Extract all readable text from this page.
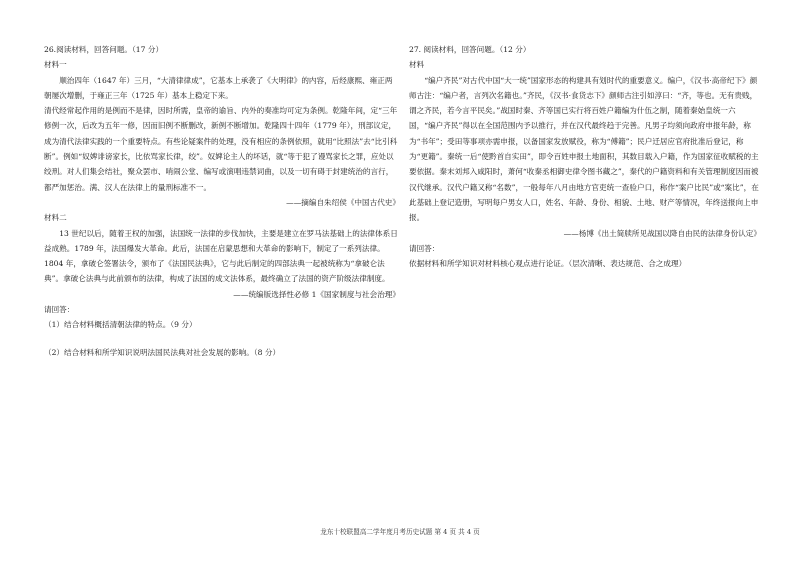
26.阅读材料，回答问题。（17 分）

材料一

顺治四年（1647 年）三月，“大清律律成”，它基本上承袭了《大明律》的内容，后经康熙、雍正两朝屡次增删，于雍正三年（1725 年）基本上稳定下来。

清代经常起作用的是例而不是律，因时所需，皇帝的谕旨、内外的奏准均可定为条例。乾隆年间，定“三年修例一次，后改为五年一修，因而旧例不断删改，新例不断增加。乾隆四十四年（1779 年），刑部议定，成为清代法律实践的一个重要特点。有些论疑案件的处理，没有相应的条例依照，就用“比照法”去“比引科断”。例如“奴婢诽谤家长，比依骂家长律，绞”。奴婢论主人的坏话，就“等于犯了谩骂家长之罪，应处以绞刑。对人们集会结社，聚众罢市、哨闹公堂、编写或演唱违禁词曲，以及一切有碍于封建统治的言行，都严加惩治。满、汉人在法律上的量刑标准不一。

——摘编自朱绍侯《中国古代史》

材料二

13 世纪以后，随着王权的加强，法国统一法律的步伐加快，主要是建立在罗马法基础上的法律体系日益成熟。1789 年，法国爆发大革命。此后，法国在启蒙思想和大革命的影响下，制定了一系列法律。1804 年，拿破仑签署法令，颁布了《法国民法典》，它与此后制定的四部法典一起被统称为“拿破仑法典”。拿破仑法典与此前颁布的法律，构成了法国的成文法体系，最终确立了法国的资产阶级法律制度。

——统编版选择性必修 1《国家制度与社会治理》

请回答：

（1）结合材料概括清朝法律的特点。（9 分）

（2）结合材料和所学知识说明法国民法典对社会发展的影响。（8 分）

27. 阅读材料，回答问题。（12 分）

材料

“编户齐民”对古代中国“大一统”国家形态的构建具有划时代的重要意义。编户，《汉书·高帝纪下》颜师古注：“编户者，言列次名籍也。”齐民，《汉书·食货志下》颜师古注引如淳曰：“齐，等也。无有贵贱，谓之齐民，若今言平民矣。”战国时秦、齐等国已实行将百姓户籍编为什伍之制，随着秦始皇统一六国，“编户齐民”得以在全国范围内予以推行，并在汉代最终趋于完善。凡男子均须向政府申报年龄，称为“书年”；受田等事项亦需申报，以备国家发放赋役，称为“傅籍”；民户迁居应官府批准后登记，称为“更籍”。秦统一后“使黔首自实田”，即令百姓申报土地面积，其数目载入户籍，作为国家征收赋税的主要依据。秦末刘邦入咸阳时，萧何“收秦丞相御史律令图书藏之”，秦代的户籍资料和有关管理制度因而被汉代继承。汉代户籍又称“名数”，一般每年八月由地方官吏统一查验户口，称作“案户比民”或“案比”，在此基础上登记造册，写明每户男女人口，姓名、年龄、身份、相貌、土地、财产等情况，年终送报向上申报。

——杨博《出土简牍所见战国以降自由民的法律身份认定》

请回答：

依据材料和所学知识对材料核心观点进行论证。（层次清晰、表达规范、合之成理）

龙东十校联盟高二学年度月考历史试题 第 4 页 共 4 页
